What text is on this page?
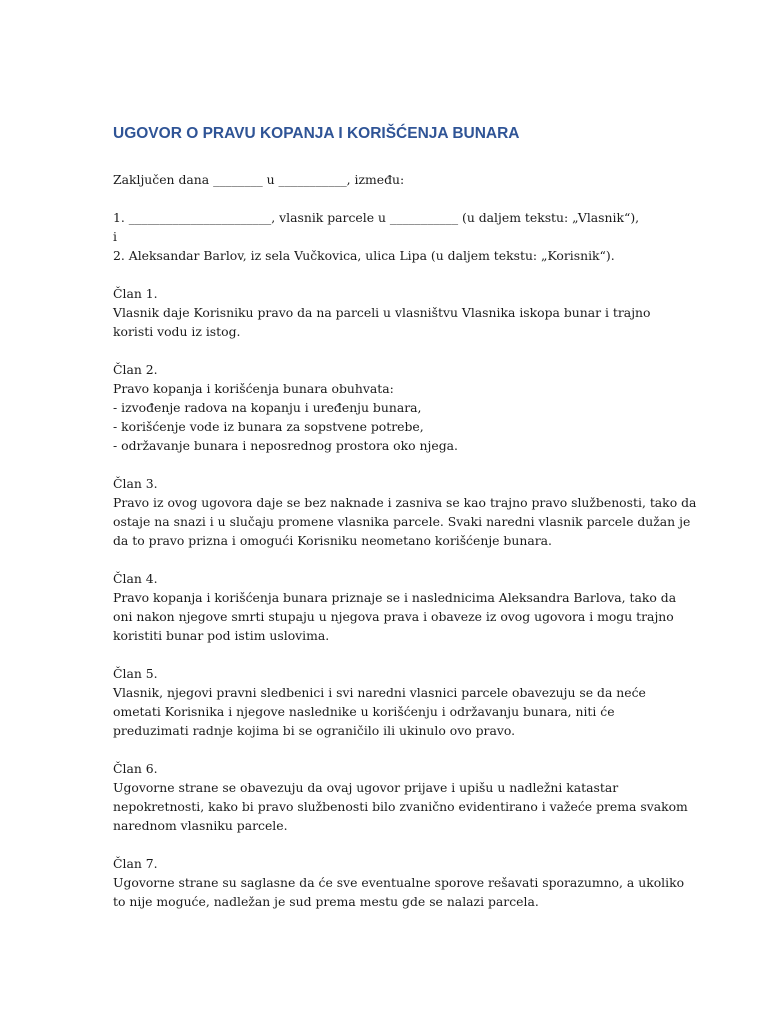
UGOVOR O PRAVU KOPANJA I KORIŠĆENJA BUNARA

Zaključen dana ________ u ___________, između:

1. _______________________, vlasnik parcele u ___________ (u daljem tekstu: „Vlasnik“),
i
2. Aleksandar Barlov, iz sela Vučkovica, ulica Lipa (u daljem tekstu: „Korisnik“).

Član 1.
Vlasnik daje Korisniku pravo da na parceli u vlasništvu Vlasnika iskopa bunar i trajno
koristi vodu iz istog.

Član 2.
Pravo kopanja i korišćenja bunara obuhvata:
- izvođenje radova na kopanju i uređenju bunara,
- korišćenje vode iz bunara za sopstvene potrebe,
- održavanje bunara i neposrednog prostora oko njega.

Član 3.
Pravo iz ovog ugovora daje se bez naknade i zasniva se kao trajno pravo službenosti, tako da
ostaje na snazi i u slučaju promene vlasnika parcele. Svaki naredni vlasnik parcele dužan je
da to pravo prizna i omogući Korisniku neometano korišćenje bunara.

Član 4.
Pravo kopanja i korišćenja bunara priznaje se i naslednicima Aleksandra Barlova, tako da
oni nakon njegove smrti stupaju u njegova prava i obaveze iz ovog ugovora i mogu trajno
koristiti bunar pod istim uslovima.

Član 5.
Vlasnik, njegovi pravni sledbenici i svi naredni vlasnici parcele obavezuju se da neće
ometati Korisnika i njegove naslednike u korišćenju i održavanju bunara, niti će
preduzimati radnje kojima bi se ograničilo ili ukinulo ovo pravo.

Član 6.
Ugovorne strane se obavezuju da ovaj ugovor prijave i upišu u nadležni katastar
nepokretnosti, kako bi pravo službenosti bilo zvanično evidentirano i važeće prema svakom
narednom vlasniku parcele.

Član 7.
Ugovorne strane su saglasne da će sve eventualne sporove rešavati sporazumno, a ukoliko
to nije moguće, nadležan je sud prema mestu gde se nalazi parcela.
